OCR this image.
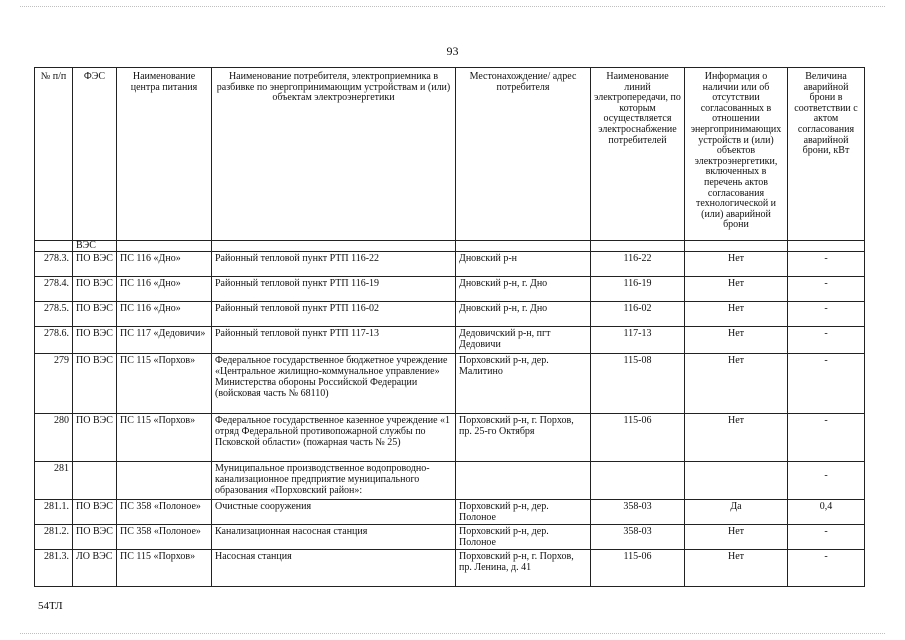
93
№ п/п	ФЭС	Наименование центра питания	Наименование потребителя, электроприемника в разбивке по энергопринимающим устройствам и (или) объектам электроэнергетики	Местонахождение/ адрес потребителя	Наименование линий электропередачи, по которым осуществляется электроснабжение потребителей	Информация о наличии или об отсутствии согласованных в отношении энергопринимающих устройств и (или) объектов электроэнергетики, включенных в перечень актов согласования технологической и (или) аварийной брони	Величина аварийной брони в соответствии с актом согласования аварийной брони, кВт
	ВЭС						
278.3.	ПО ВЭС	ПС 116 «Дно»	Районный тепловой пункт РТП 116-22	Дновский р-н	116-22	Нет	-
278.4.	ПО ВЭС	ПС 116 «Дно»	Районный тепловой пункт РТП 116-19	Дновский р-н, г. Дно	116-19	Нет	-
278.5.	ПО ВЭС	ПС 116 «Дно»	Районный тепловой пункт РТП 116-02	Дновский р-н, г. Дно	116-02	Нет	-
278.6.	ПО ВЭС	ПС 117 «Дедовичи»	Районный тепловой пункт РТП 117-13	Дедовичский р-н, пгт Дедовичи	117-13	Нет	-
279	ПО ВЭС	ПС 115 «Порхов»	Федеральное государственное бюджетное учреждение «Центральное жилищно-коммунальное управление» Министерства обороны Российской Федерации (войсковая часть № 68110)	Порховский р-н, дер. Малитино	115-08	Нет	-
280	ПО ВЭС	ПС 115 «Порхов»	Федеральное государственное казенное учреждение «1 отряд Федеральной противопожарной службы по Псковской области» (пожарная часть № 25)	Порховский р-н, г. Порхов, пр. 25-го Октября	115-06	Нет	-
281			Муниципальное производственное водопроводно-канализационное предприятие муниципального образования «Порховский район»:				-
281.1.	ПО ВЭС	ПС 358 «Полоное»	Очистные сооружения	Порховский р-н, дер. Полоное	358-03	Да	0,4
281.2.	ПО ВЭС	ПС 358 «Полоное»	Канализационная насосная станция	Порховский р-н, дер. Полоное	358-03	Нет	-
281.3.	ЛО ВЭС	ПС 115 «Порхов»	Насосная станция	Порховский р-н, г. Порхов, пр. Ленина, д. 41	115-06	Нет	-
54ТЛ
